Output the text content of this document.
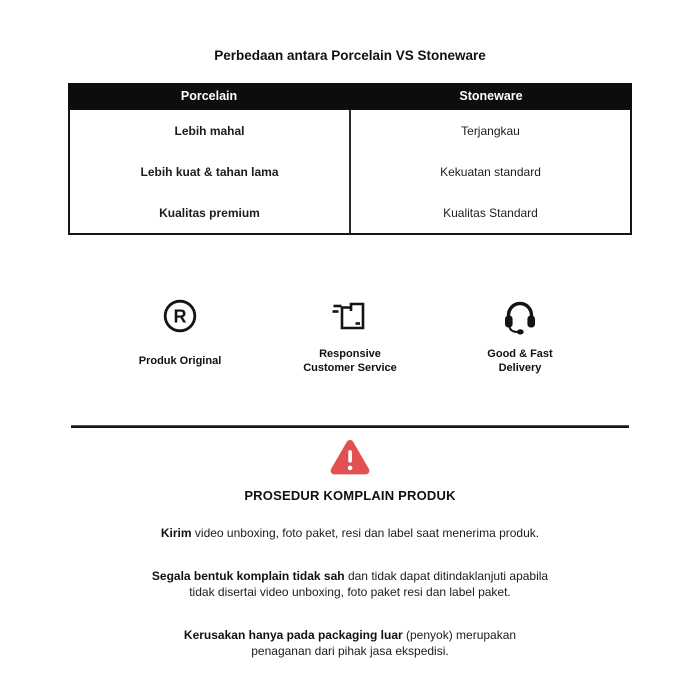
Perbedaan antara Porcelain VS Stoneware
Porcelain	Stoneware
Lebih mahal
Lebih kuat & tahan lama
Kualitas premium
Terjangkau
Kekuatan standard
Kualitas Standard
R
Produk Original
Responsive
Customer Service
Good & Fast
Delivery
PROSEDUR KOMPLAIN PRODUK

Kirim video unboxing, foto paket, resi dan label saat menerima produk.

Segala bentuk komplain tidak sah dan tidak dapat ditindaklanjuti apabila
tidak disertai video unboxing, foto paket resi dan label paket.

Kerusakan hanya pada packaging luar (penyok) merupakan
penaganan dari pihak jasa ekspedisi.
